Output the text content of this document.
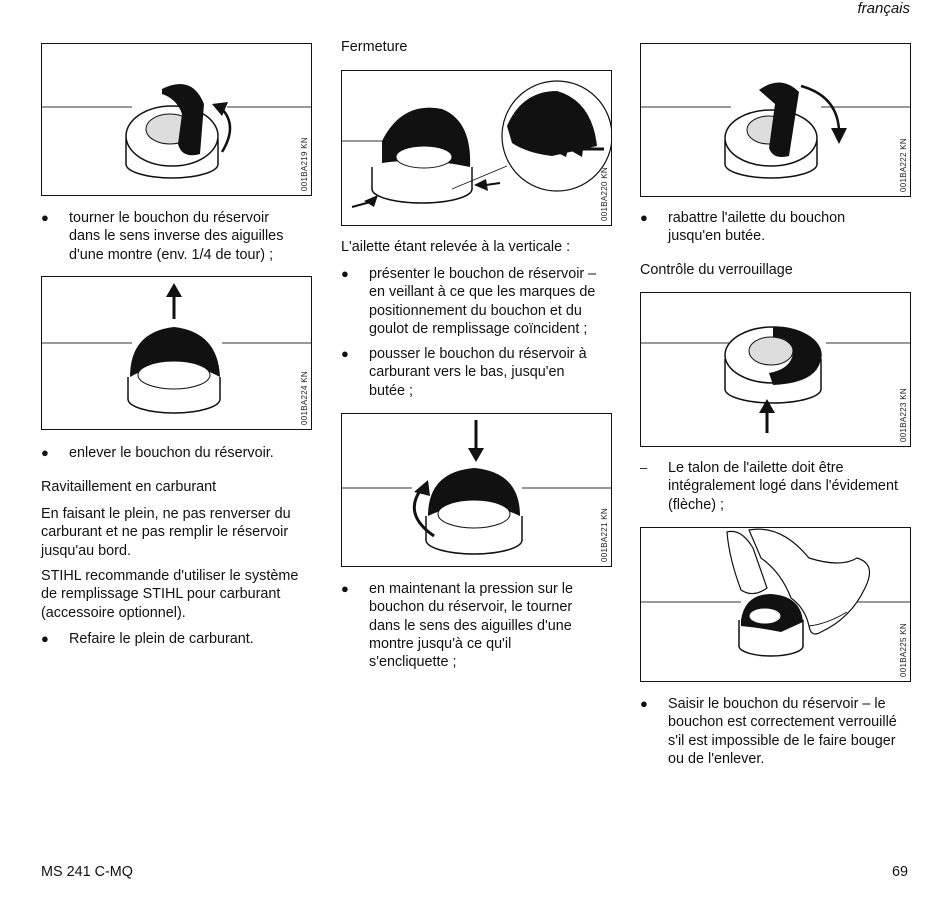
français
001BA219 KN
● tourner le bouchon du réservoir
dans le sens inverse des aiguilles
d'une montre (env. 1/4 de tour) ;
001BA224 KN
● enlever le bouchon du réservoir.
Ravitaillement en carburant
En faisant le plein, ne pas renverser du
carburant et ne pas remplir le réservoir
jusqu'au bord.
STIHL recommande d'utiliser le système
de remplissage STIHL pour carburant
(accessoire optionnel).
● Refaire le plein de carburant.
Fermeture
001BA220 KN
L'ailette étant relevée à la verticale :
● présenter le bouchon de réservoir –
en veillant à ce que les marques de
positionnement du bouchon et du
goulot de remplissage coïncident ;
● pousser le bouchon du réservoir à
carburant vers le bas, jusqu'en
butée ;
001BA221 KN
● en maintenant la pression sur le
bouchon du réservoir, le tourner
dans le sens des aiguilles d'une
montre jusqu'à ce qu'il
s'encliquette ;
001BA222 KN
● rabattre l'ailette du bouchon
jusqu'en butée.
Contrôle du verrouillage
001BA223 KN
– Le talon de l'ailette doit être
intégralement logé dans l'évidement
(flèche) ;
001BA225 KN
● Saisir le bouchon du réservoir – le
bouchon est correctement verrouillé
s'il est impossible de le faire bouger
ou de l'enlever.
MS 241 C-MQ	69
